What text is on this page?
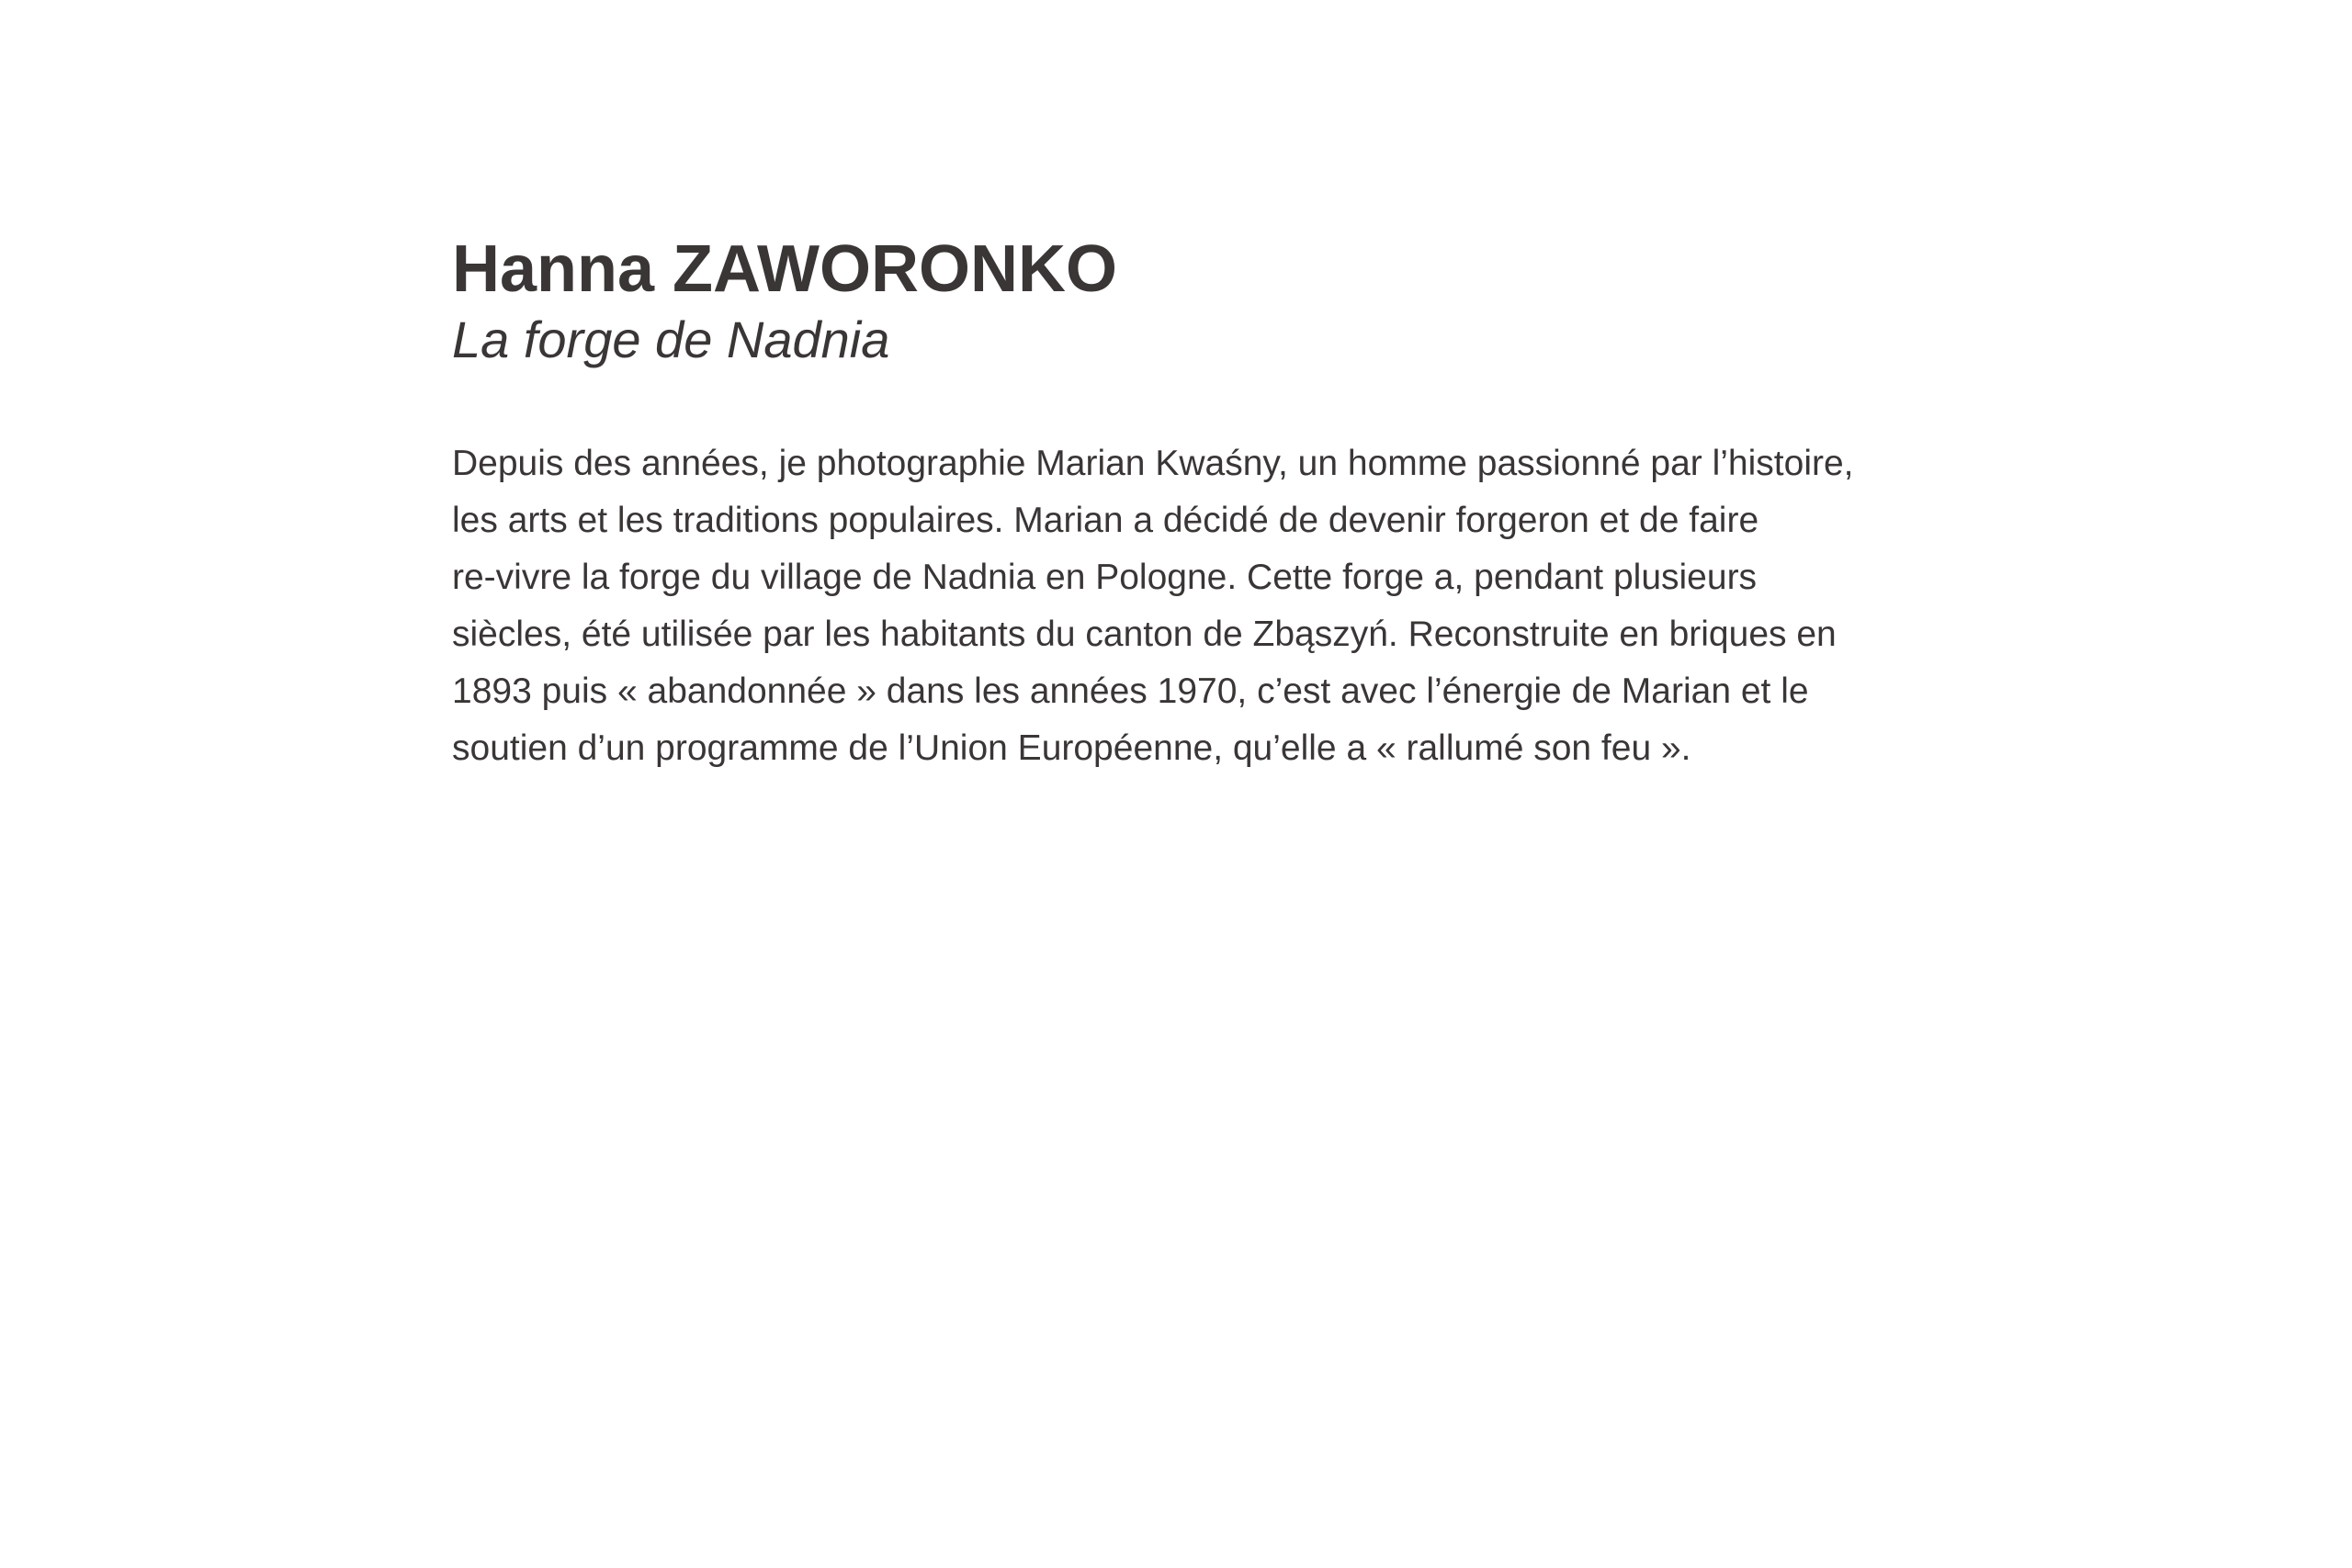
Hanna ZAWORONKO
La forge de Nadnia
Depuis des années, je photographie Marian Kwaśny, un homme passionné par l’histoire,
les arts et les traditions populaires. Marian a décidé de devenir forgeron et de faire
re-vivre la forge du village de Nadnia en Pologne. Cette forge a, pendant plusieurs
siècles, été utilisée par les habitants du canton de Zbąszyń. Reconstruite en briques en
1893 puis « abandonnée » dans les années 1970, c’est avec l’énergie de Marian et le
soutien d’un programme de l’Union Européenne, qu’elle a « rallumé son feu ».
